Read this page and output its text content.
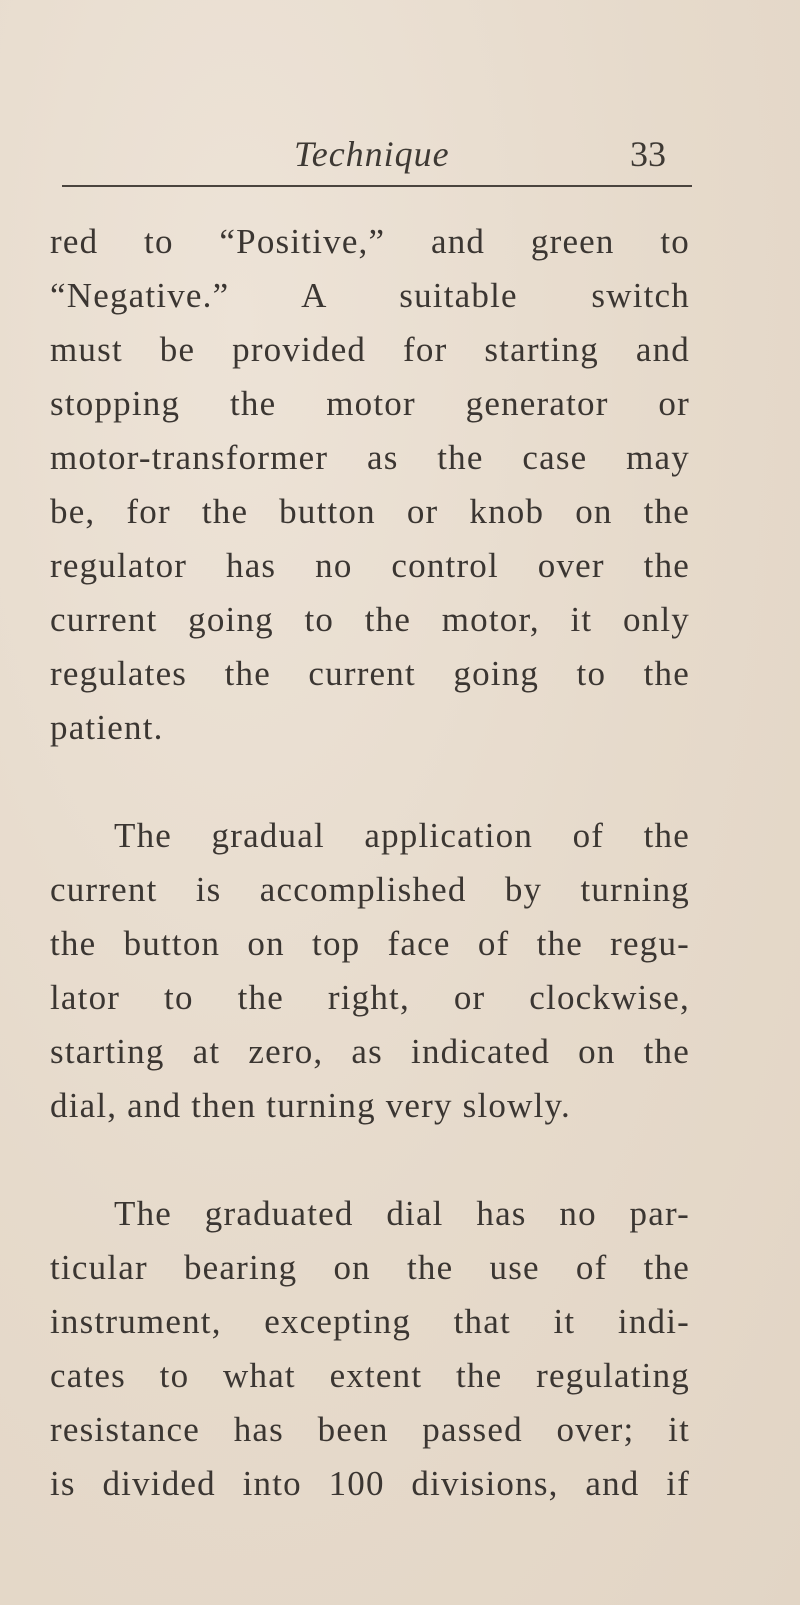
Technique	33
red to “Positive,” and green to
“Negative.” A suitable switch
must be provided for starting and
stopping the motor generator or
motor-transformer as the case may
be, for the button or knob on the
regulator has no control over the
current going to the motor, it only
regulates the current going to the
patient.
The gradual application of the
current is accomplished by turning
the button on top face of the regu-
lator to the right, or clockwise,
starting at zero, as indicated on the
dial, and then turning very slowly.
The graduated dial has no par-
ticular bearing on the use of the
instrument, excepting that it indi-
cates to what extent the regulating
resistance has been passed over; it
is divided into 100 divisions, and if
